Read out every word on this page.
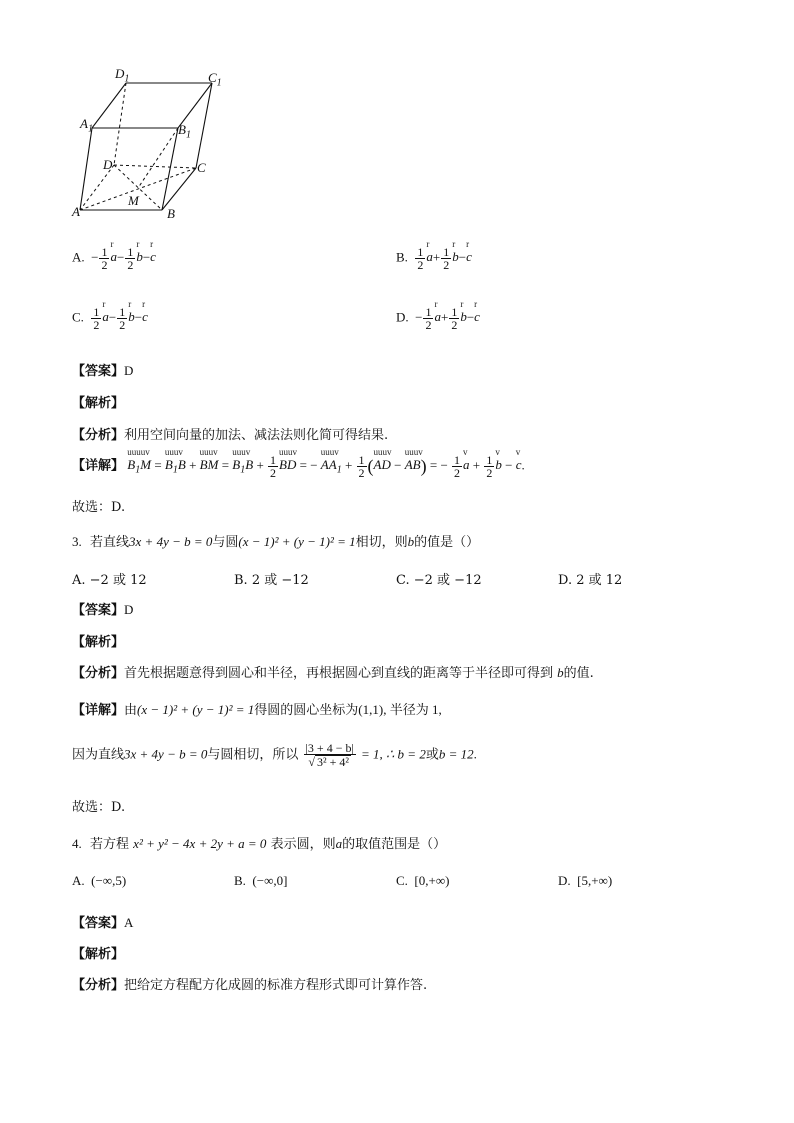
$D_1$	$C_1$
$A_1$	$B_1$
D	C
A
M
B
A. − $\frac{1}{2}$ a
r
− $\frac{1}{2}$ b
r
−c
r
B. $\frac{1}{2}$ a
r
+ $\frac{1}{2}$ b
r
−c
r
C. $\frac{1}{2}$ a
r
− $\frac{1}{2}$ b
r
−c
r
D. − $\frac{1}{2}$ a
r
+ $\frac{1}{2}$ b
r
−c
r
【答案】D
【解析】
【分析】利用空间向量的加法、减法法则化简可得结果.
【详解】 $B_1M$
uuuuv
= $B_1B$
uuuv
+ BM
uuuv
= $B_1B$
uuuv
+ $\frac{1}{2}$ BD
uuuv
= − $AA_1$
uuuv
+ $\frac{1}{2} (AD$
uuuv
− AB
uuuv
) = − $\frac{1}{2}$ a
v
+ $\frac{1}{2}$ b
v
− c
v
.
故选：D.
3. 若直线3x + 4y − b = 0与圆(x − 1)² + (y − 1)² = 1相切，则b的值是（）
A. −2 或 12	B. 2 或 −12	C. −2 或 −12	D. 2 或 12
【答案】D
【解析】
【分析】首先根据题意得到圆心和半径，再根据圆心到直线的距离等于半径即可得到 b的值.
【详解】由(x − 1)² + (y − 1)² = 1得圆的圆心坐标为(1,1), 半径为 1,
因为直线3x + 4y − b = 0与圆相切，所以 $\frac{|3 + 4 - b|}{\text{√ 3² + 4²}} = 1$, ∴ b = 2或b = 12.
故选：D.
4. 若方程 x² + y² − 4x + 2y + a = 0 表示圆，则a的取值范围是（）
A. (−∞,5)	B. (−∞,0]	C. [0,+∞)	D. [5,+∞)
【答案】A
【解析】
【分析】把给定方程配方化成圆的标准方程形式即可计算作答.
